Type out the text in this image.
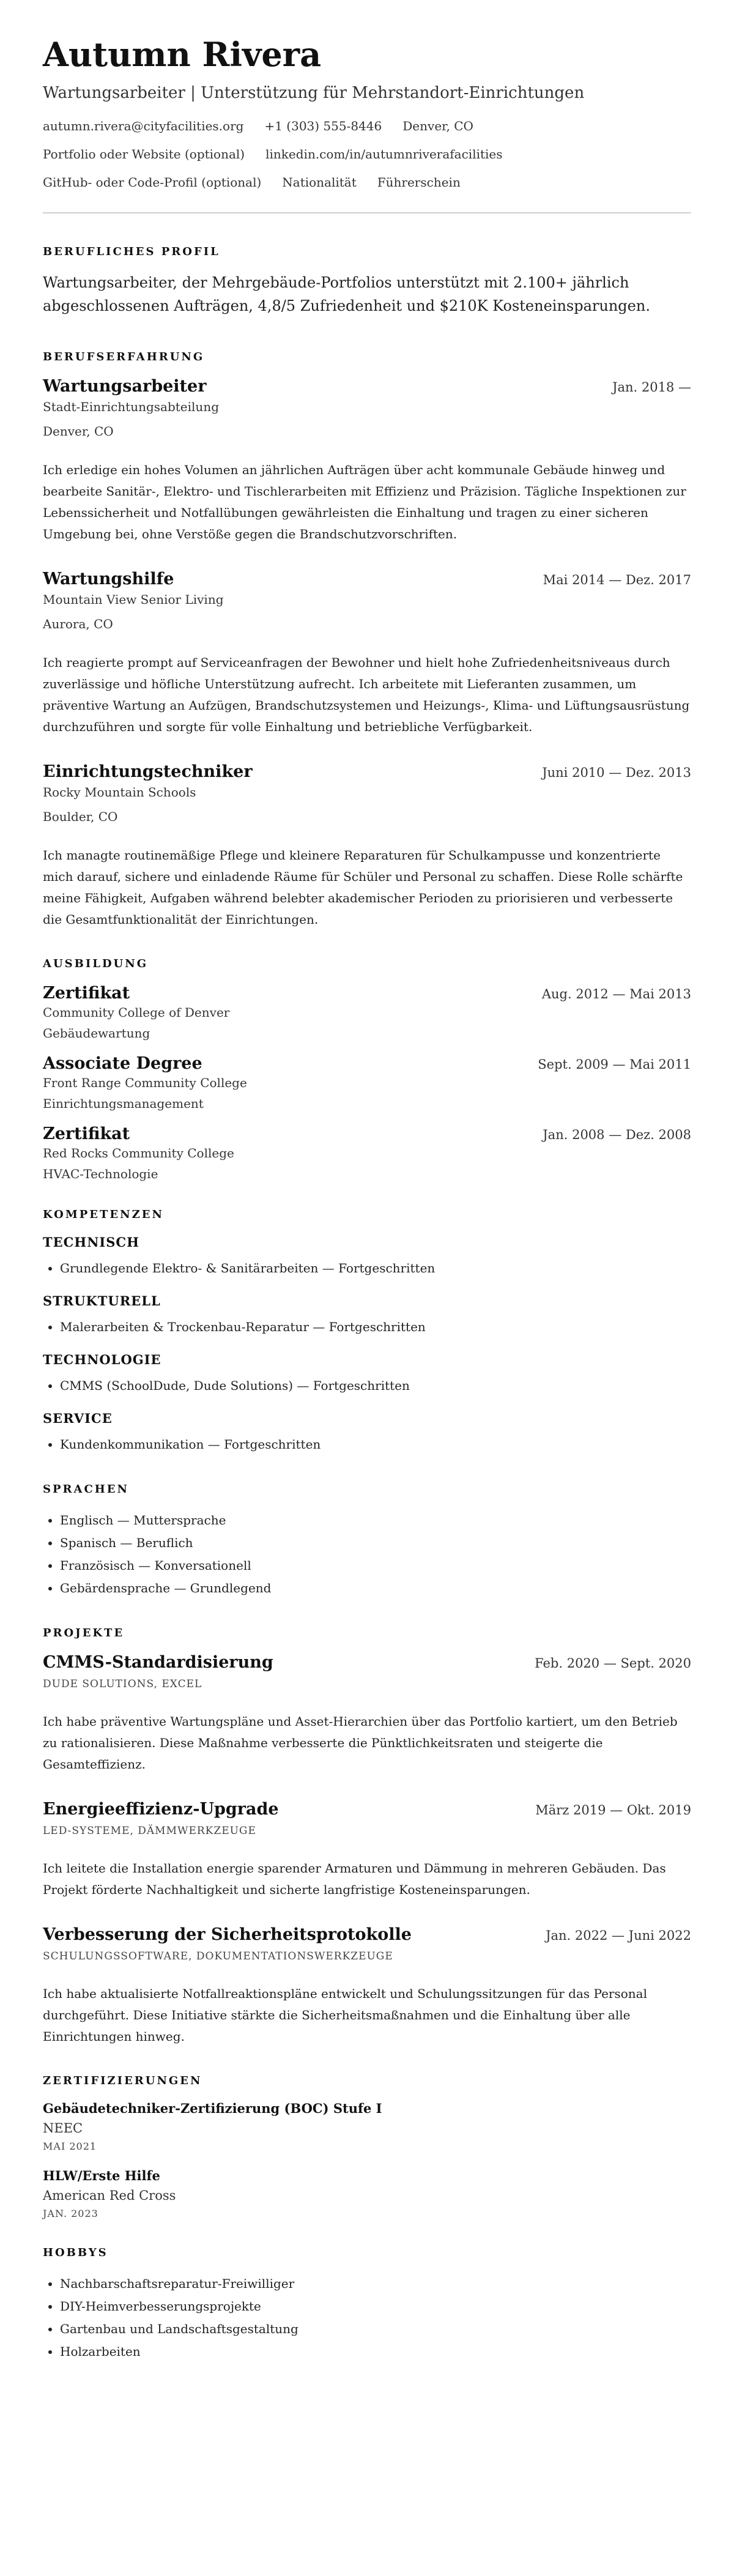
Autumn Rivera
Wartungsarbeiter | Unterstützung für Mehrstandort-Einrichtungen
autumn.rivera@cityfacilities.org +1 (303) 555-8446 Denver, CO
Portfolio oder Website (optional) linkedin.com/in/autumnriverafacilities
GitHub- oder Code-Profil (optional) Nationalität Führerschein
BERUFLICHES PROFIL
Wartungsarbeiter, der Mehrgebäude-Portfolios unterstützt mit 2.100+ jährlich abgeschlossenen Aufträgen, 4,8/5 Zufriedenheit und $210K Kosteneinsparungen.
BERUFSERFAHRUNG
Wartungsarbeiter	Jan. 2018 —
Stadt-Einrichtungsabteilung
Denver, CO
Ich erledige ein hohes Volumen an jährlichen Aufträgen über acht kommunale Gebäude hinweg und bearbeite Sanitär-, Elektro- und Tischlerarbeiten mit Effizienz und Präzision. Tägliche Inspektionen zur Lebenssicherheit und Notfallübungen gewährleisten die Einhaltung und tragen zu einer sicheren Umgebung bei, ohne Verstöße gegen die Brandschutzvorschriften.
Wartungshilfe	Mai 2014 — Dez. 2017
Mountain View Senior Living
Aurora, CO
Ich reagierte prompt auf Serviceanfragen der Bewohner und hielt hohe Zufriedenheitsniveaus durch zuverlässige und höfliche Unterstützung aufrecht. Ich arbeitete mit Lieferanten zusammen, um präventive Wartung an Aufzügen, Brandschutzsystemen und Heizungs-, Klima- und Lüftungsausrüstung durchzuführen und sorgte für volle Einhaltung und betriebliche Verfügbarkeit.
Einrichtungstechniker	Juni 2010 — Dez. 2013
Rocky Mountain Schools
Boulder, CO
Ich managte routinemäßige Pflege und kleinere Reparaturen für Schulkampusse und konzentrierte mich darauf, sichere und einladende Räume für Schüler und Personal zu schaffen. Diese Rolle schärfte meine Fähigkeit, Aufgaben während belebter akademischer Perioden zu priorisieren und verbesserte die Gesamtfunktionalität der Einrichtungen.
AUSBILDUNG
Zertifikat	Aug. 2012 — Mai 2013
Community College of Denver
Gebäudewartung
Associate Degree	Sept. 2009 — Mai 2011
Front Range Community College
Einrichtungsmanagement
Zertifikat	Jan. 2008 — Dez. 2008
Red Rocks Community College
HVAC-Technologie
KOMPETENZEN
TECHNISCH
• Grundlegende Elektro- & Sanitärarbeiten — Fortgeschritten
STRUKTURELL
• Malerarbeiten & Trockenbau-Reparatur — Fortgeschritten
TECHNOLOGIE
• CMMS (SchoolDude, Dude Solutions) — Fortgeschritten
SERVICE
• Kundenkommunikation — Fortgeschritten
SPRACHEN
• Englisch — Muttersprache
• Spanisch — Beruflich
• Französisch — Konversationell
• Gebärdensprache — Grundlegend
PROJEKTE
CMMS-Standardisierung	Feb. 2020 — Sept. 2020
DUDE SOLUTIONS, EXCEL
Ich habe präventive Wartungspläne und Asset-Hierarchien über das Portfolio kartiert, um den Betrieb zu rationalisieren. Diese Maßnahme verbesserte die Pünktlichkeitsraten und steigerte die Gesamteffizienz.
Energieeffizienz-Upgrade	März 2019 — Okt. 2019
LED-SYSTEME, DÄMMWERKZEUGE
Ich leitete die Installation energie sparender Armaturen und Dämmung in mehreren Gebäuden. Das Projekt förderte Nachhaltigkeit und sicherte langfristige Kosteneinsparungen.
Verbesserung der Sicherheitsprotokolle	Jan. 2022 — Juni 2022
SCHULUNGSSOFTWARE, DOKUMENTATIONSWERKZEUGE
Ich habe aktualisierte Notfallreaktionspläne entwickelt und Schulungssitzungen für das Personal durchgeführt. Diese Initiative stärkte die Sicherheitsmaßnahmen und die Einhaltung über alle Einrichtungen hinweg.
ZERTIFIZIERUNGEN
Gebäudetechniker-Zertifizierung (BOC) Stufe I
NEEC
MAI 2021
HLW/Erste Hilfe
American Red Cross
JAN. 2023
HOBBYS
• Nachbarschaftsreparatur-Freiwilliger
• DIY-Heimverbesserungsprojekte
• Gartenbau und Landschaftsgestaltung
• Holzarbeiten
